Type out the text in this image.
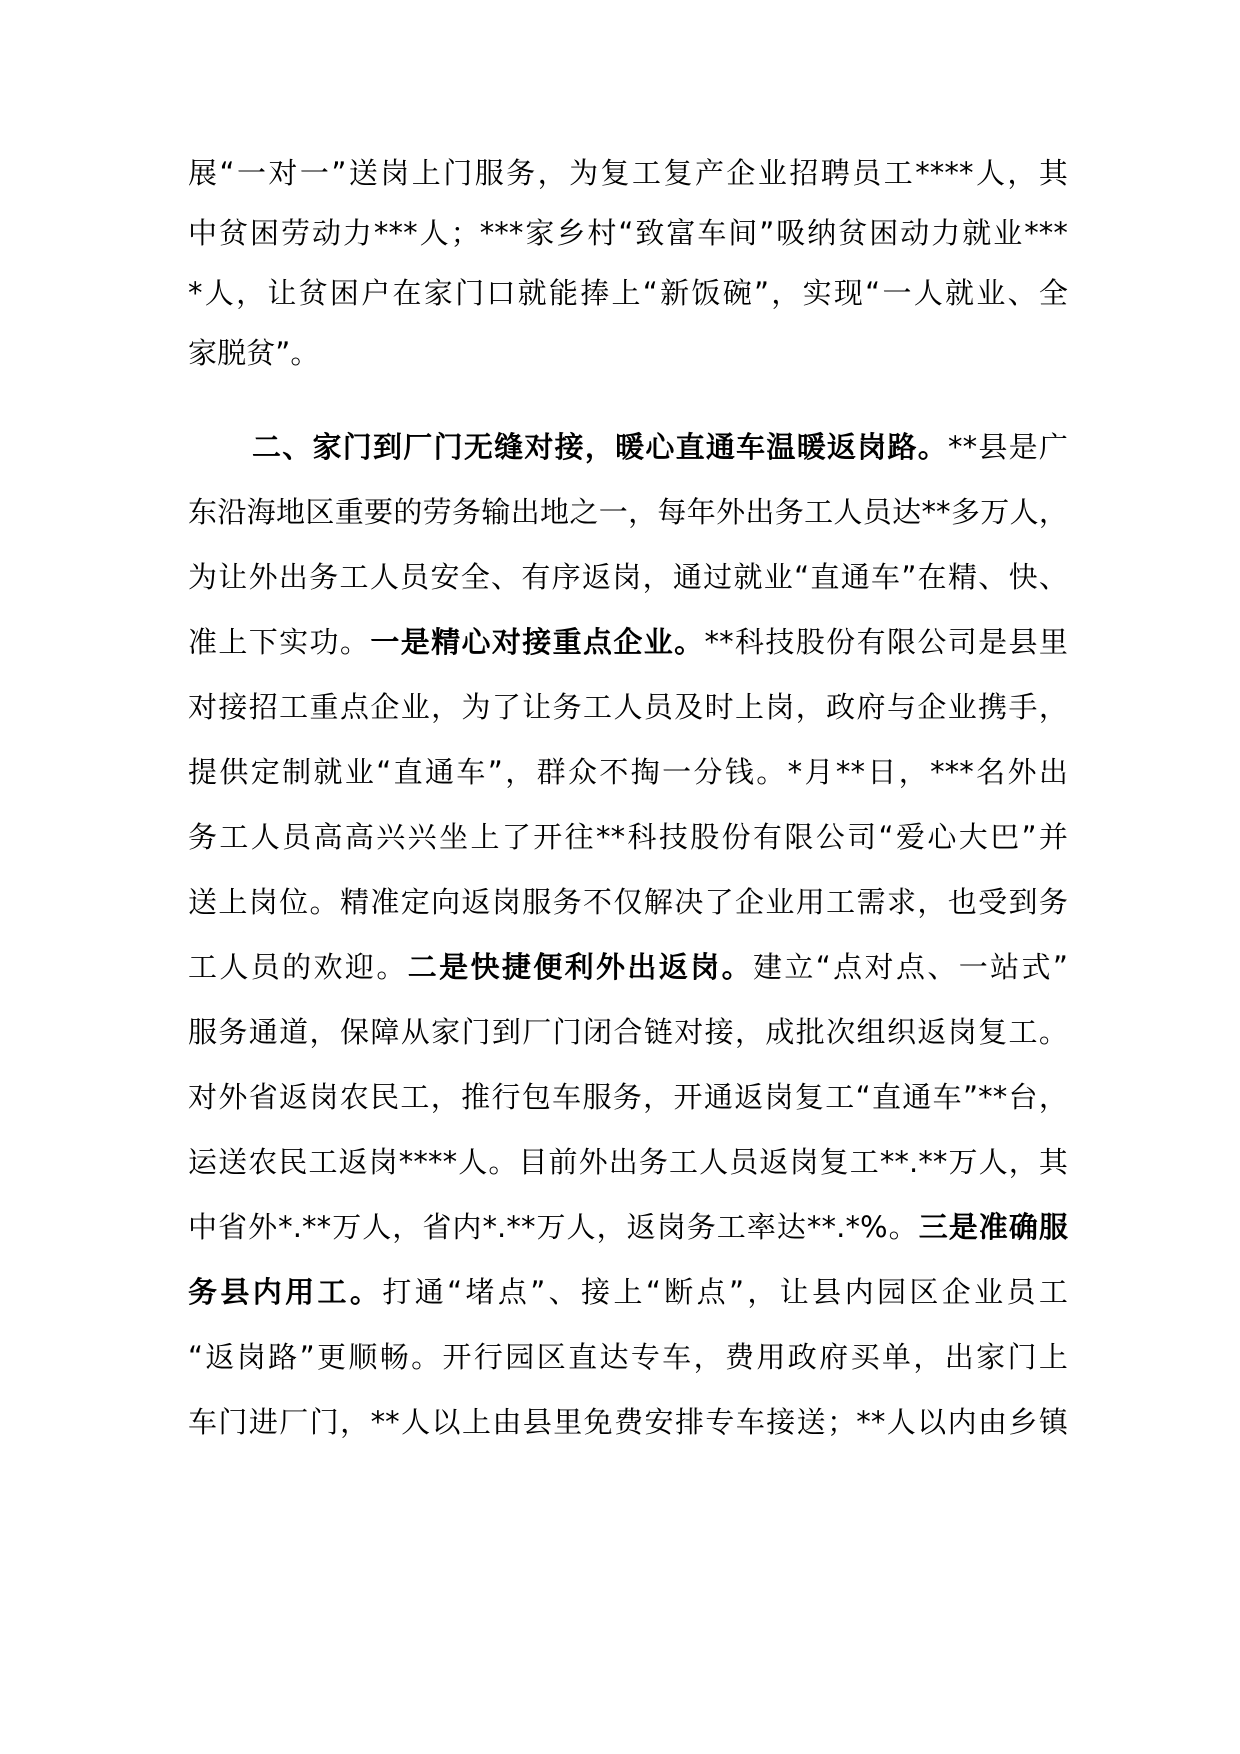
展“一对一”送岗上门服务，为复工复产企业招聘员工****人，其
中贫困劳动力***人；***家乡村“致富车间”吸纳贫困动力就业***
*人，让贫困户在家门口就能捧上“新饭碗”，实现“一人就业、全
家脱贫”。
二、家门到厂门无缝对接，暖心直通车温暖返岗路。**县是广
东沿海地区重要的劳务输出地之一，每年外出务工人员达**多万人，
为让外出务工人员安全、有序返岗，通过就业“直通车”在精、快、
准上下实功。一是精心对接重点企业。**科技股份有限公司是县里
对接招工重点企业，为了让务工人员及时上岗，政府与企业携手，
提供定制就业“直通车”，群众不掏一分钱。*月**日，***名外出
务工人员高高兴兴坐上了开往**科技股份有限公司“爱心大巴”并
送上岗位。精准定向返岗服务不仅解决了企业用工需求，也受到务
工人员的欢迎。二是快捷便利外出返岗。建立“点对点、一站式”
服务通道，保障从家门到厂门闭合链对接，成批次组织返岗复工。
对外省返岗农民工，推行包车服务，开通返岗复工“直通车”**台，
运送农民工返岗****人。目前外出务工人员返岗复工**.**万人，其
中省外*.**万人，省内*.**万人，返岗务工率达**.*%。三是准确服
务县内用工。打通“堵点”、接上“断点”，让县内园区企业员工
“返岗路”更顺畅。开行园区直达专车，费用政府买单，出家门上
车门进厂门，**人以上由县里免费安排专车接送；**人以内由乡镇
